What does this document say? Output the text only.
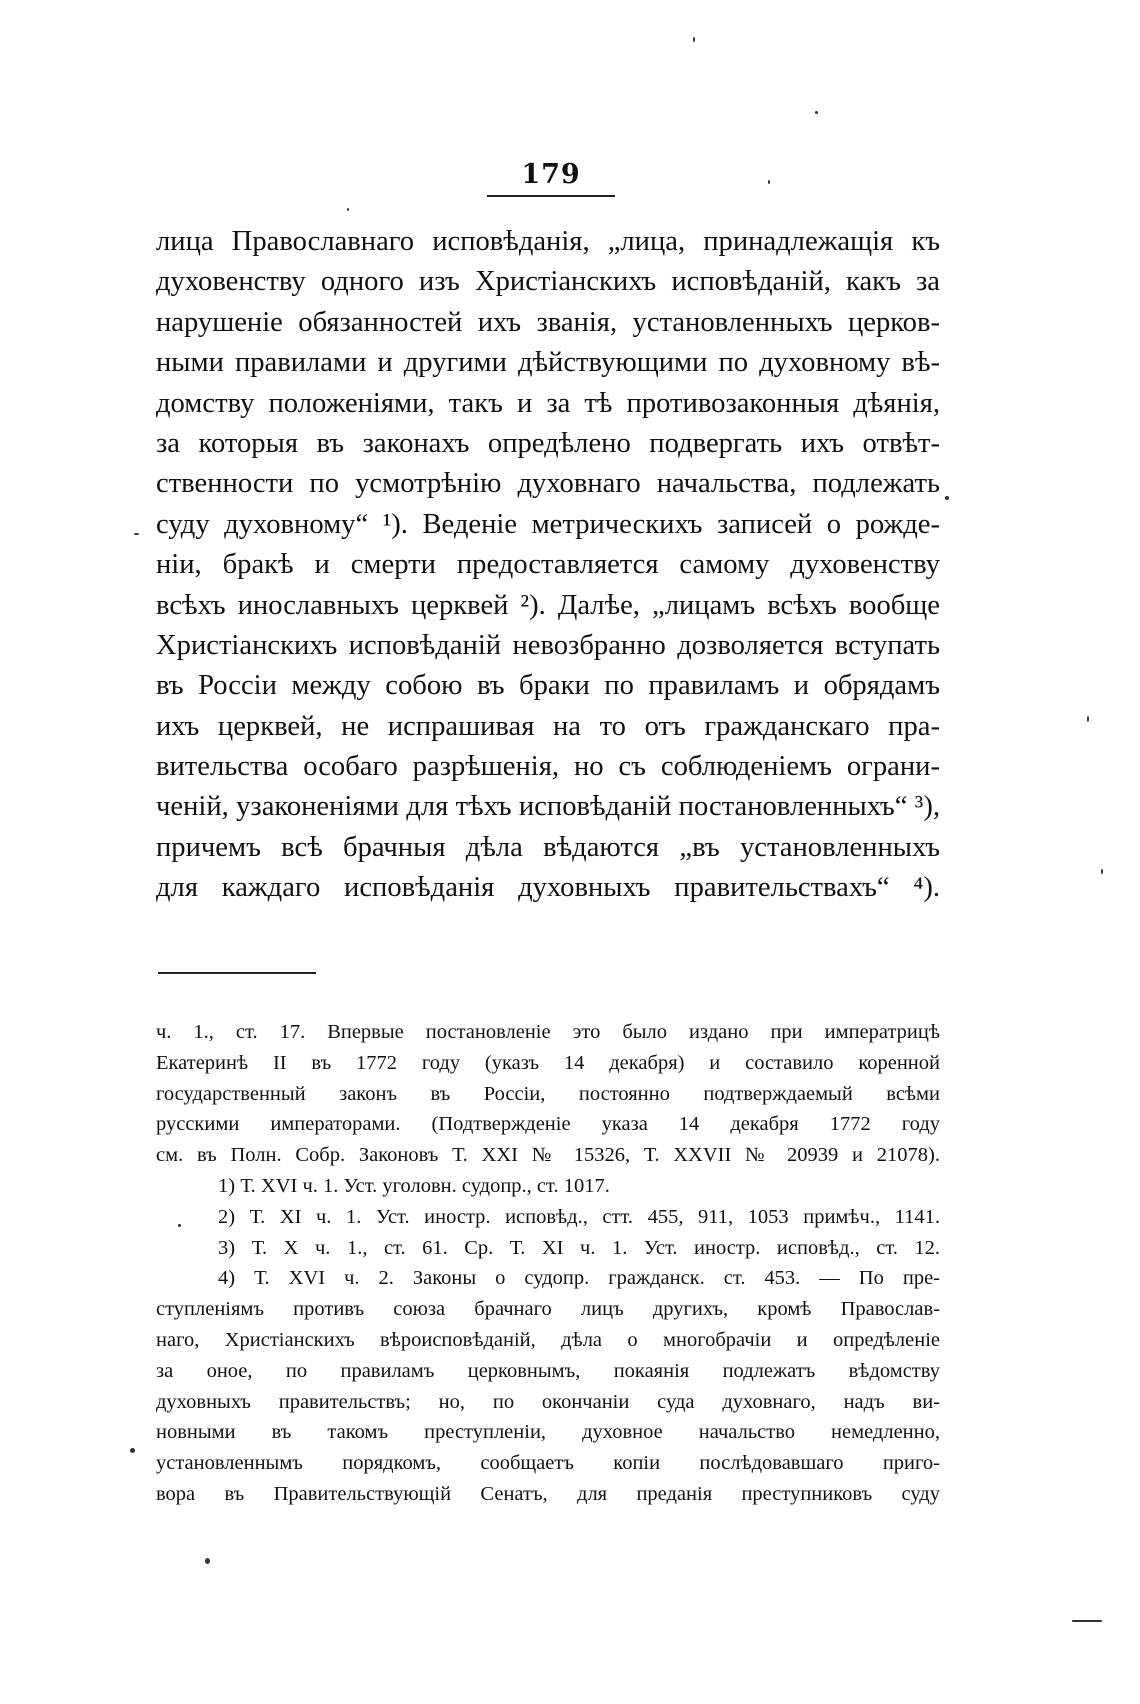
179
лица Православнаго исповѣданія, „лица, принадлежащія къ
духовенству одного изъ Христіанскихъ исповѣданій, какъ за
нарушеніе обязанностей ихъ званія, установленныхъ церков-
ными правилами и другими дѣйствующими по духовному вѣ-
домству положеніями, такъ и за тѣ противозаконныя дѣянія,
за которыя въ законахъ опредѣлено подвергать ихъ отвѣт-
ственности по усмотрѣнію духовнаго начальства, подлежать
суду духовному“ ¹). Веденіе метрическихъ записей о рожде-
ніи, бракѣ и смерти предоставляется самому духовенству
всѣхъ инославныхъ церквей ²). Далѣе, „лицамъ всѣхъ вообще
Христіанскихъ исповѣданій невозбранно дозволяется вступать
въ Россіи между собою въ браки по правиламъ и обрядамъ
ихъ церквей, не испрашивая на то отъ гражданскаго пра-
вительства особаго разрѣшенія, но съ соблюденіемъ ограни-
ченій, узаконеніями для тѣхъ исповѣданій постановленныхъ“ ³),
причемъ всѣ брачныя дѣла вѣдаются „въ установленныхъ
для каждаго исповѣданія духовныхъ правительствахъ“ ⁴).
ч. 1., ст. 17. Впервые постановленіе это было издано при императрицѣ
Екатеринѣ II въ 1772 году (указъ 14 декабря) и составило коренной
государственный законъ въ Россіи, постоянно подтверждаемый всѣми
русскими императорами. (Подтвержденіе указа 14 декабря 1772 году
см. въ Полн. Собр. Законовъ Т. XXI № 15326, Т. XXVII № 20939 и 21078).
1) Т. XVI ч. 1. Уст. уголовн. судопр., ст. 1017.
2) Т. XI ч. 1. Уст. иностр. исповѣд., стт. 455, 911, 1053 примѣч., 1141.
3) Т. X ч. 1., ст. 61. Ср. Т. XI ч. 1. Уст. иностр. исповѣд., ст. 12.
4) Т. XVI ч. 2. Законы о судопр. гражданск. ст. 453. — По пре-
ступленіямъ противъ союза брачнаго лицъ другихъ, кромѣ Православ-
наго, Христіанскихъ вѣроисповѣданій, дѣла о многобрачіи и опредѣленіе
за оное, по правиламъ церковнымъ, покаянія подлежатъ вѣдомству
духовныхъ правительствъ; но, по окончаніи суда духовнаго, надъ ви-
новными въ такомъ преступленіи, духовное начальство немедленно,
установленнымъ порядкомъ, сообщаетъ копіи послѣдовавшаго приго-
вора въ Правительствующій Сенатъ, для преданія преступниковъ суду
